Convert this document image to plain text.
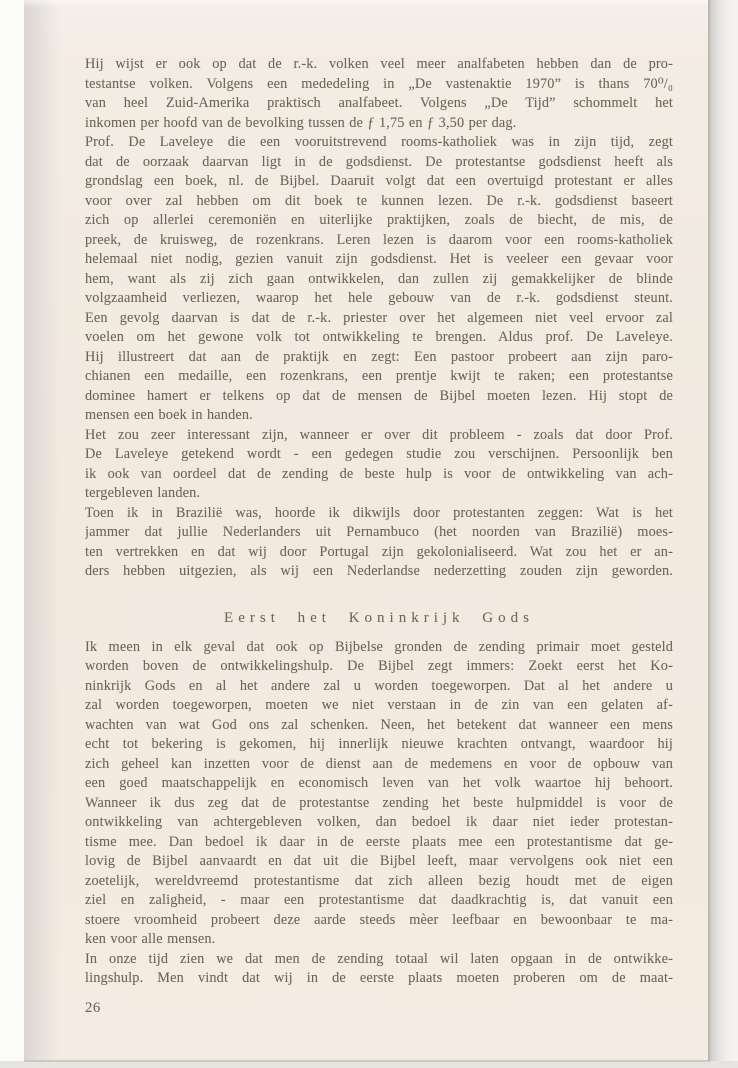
Hij wijst er ook op dat de r.-k. volken veel meer analfabeten hebben dan de pro-
testantse volken. Volgens een mededeling in „De vastenaktie 1970” is thans 70⁰/₀
van heel Zuid-Amerika praktisch analfabeet. Volgens „De Tijd” schommelt het
inkomen per hoofd van de bevolking tussen de ƒ 1,75 en ƒ 3,50 per dag.
Prof. De Laveleye die een vooruitstrevend rooms-katholiek was in zijn tijd, zegt
dat de oorzaak daarvan ligt in de godsdienst. De protestantse godsdienst heeft als
grondslag een boek, nl. de Bijbel. Daaruit volgt dat een overtuigd protestant er alles
voor over zal hebben om dit boek te kunnen lezen. De r.-k. godsdienst baseert
zich op allerlei ceremoniën en uiterlijke praktijken, zoals de biecht, de mis, de
preek, de kruisweg, de rozenkrans. Leren lezen is daarom voor een rooms-katholiek
helemaal niet nodig, gezien vanuit zijn godsdienst. Het is veeleer een gevaar voor
hem, want als zij zich gaan ontwikkelen, dan zullen zij gemakkelijker de blinde
volgzaamheid verliezen, waarop het hele gebouw van de r.-k. godsdienst steunt.
Een gevolg daarvan is dat de r.-k. priester over het algemeen niet veel ervoor zal
voelen om het gewone volk tot ontwikkeling te brengen. Aldus prof. De Laveleye.
Hij illustreert dat aan de praktijk en zegt: Een pastoor probeert aan zijn paro-
chianen een medaille, een rozenkrans, een prentje kwijt te raken; een protestantse
dominee hamert er telkens op dat de mensen de Bijbel moeten lezen. Hij stopt de
mensen een boek in handen.
Het zou zeer interessant zijn, wanneer er over dit probleem - zoals dat door Prof.
De Laveleye getekend wordt - een gedegen studie zou verschijnen. Persoonlijk ben
ik ook van oordeel dat de zending de beste hulp is voor de ontwikkeling van ach-
tergebleven landen.
Toen ik in Brazilië was, hoorde ik dikwijls door protestanten zeggen: Wat is het
jammer dat jullie Nederlanders uit Pernambuco (het noorden van Brazilië) moes-
ten vertrekken en dat wij door Portugal zijn gekolonialiseerd. Wat zou het er an-
ders hebben uitgezien, als wij een Nederlandse nederzetting zouden zijn geworden.
Eerst het Koninkrijk Gods
Ik meen in elk geval dat ook op Bijbelse gronden de zending primair moet gesteld
worden boven de ontwikkelingshulp. De Bijbel zegt immers: Zoekt eerst het Ko-
ninkrijk Gods en al het andere zal u worden toegeworpen. Dat al het andere u
zal worden toegeworpen, moeten we niet verstaan in de zin van een gelaten af-
wachten van wat God ons zal schenken. Neen, het betekent dat wanneer een mens
echt tot bekering is gekomen, hij innerlijk nieuwe krachten ontvangt, waardoor hij
zich geheel kan inzetten voor de dienst aan de medemens en voor de opbouw van
een goed maatschappelijk en economisch leven van het volk waartoe hij behoort.
Wanneer ik dus zeg dat de protestantse zending het beste hulpmiddel is voor de
ontwikkeling van achtergebleven volken, dan bedoel ik daar niet ieder protestan-
tisme mee. Dan bedoel ik daar in de eerste plaats mee een protestantisme dat ge-
lovig de Bijbel aanvaardt en dat uit die Bijbel leeft, maar vervolgens ook niet een
zoetelijk, wereldvreemd protestantisme dat zich alleen bezig houdt met de eigen
ziel en zaligheid, - maar een protestantisme dat daadkrachtig is, dat vanuit een
stoere vroomheid probeert deze aarde steeds mèer leefbaar en bewoonbaar te ma-
ken voor alle mensen.
In onze tijd zien we dat men de zending totaal wil laten opgaan in de ontwikke-
lingshulp. Men vindt dat wij in de eerste plaats moeten proberen om de maat-
26
